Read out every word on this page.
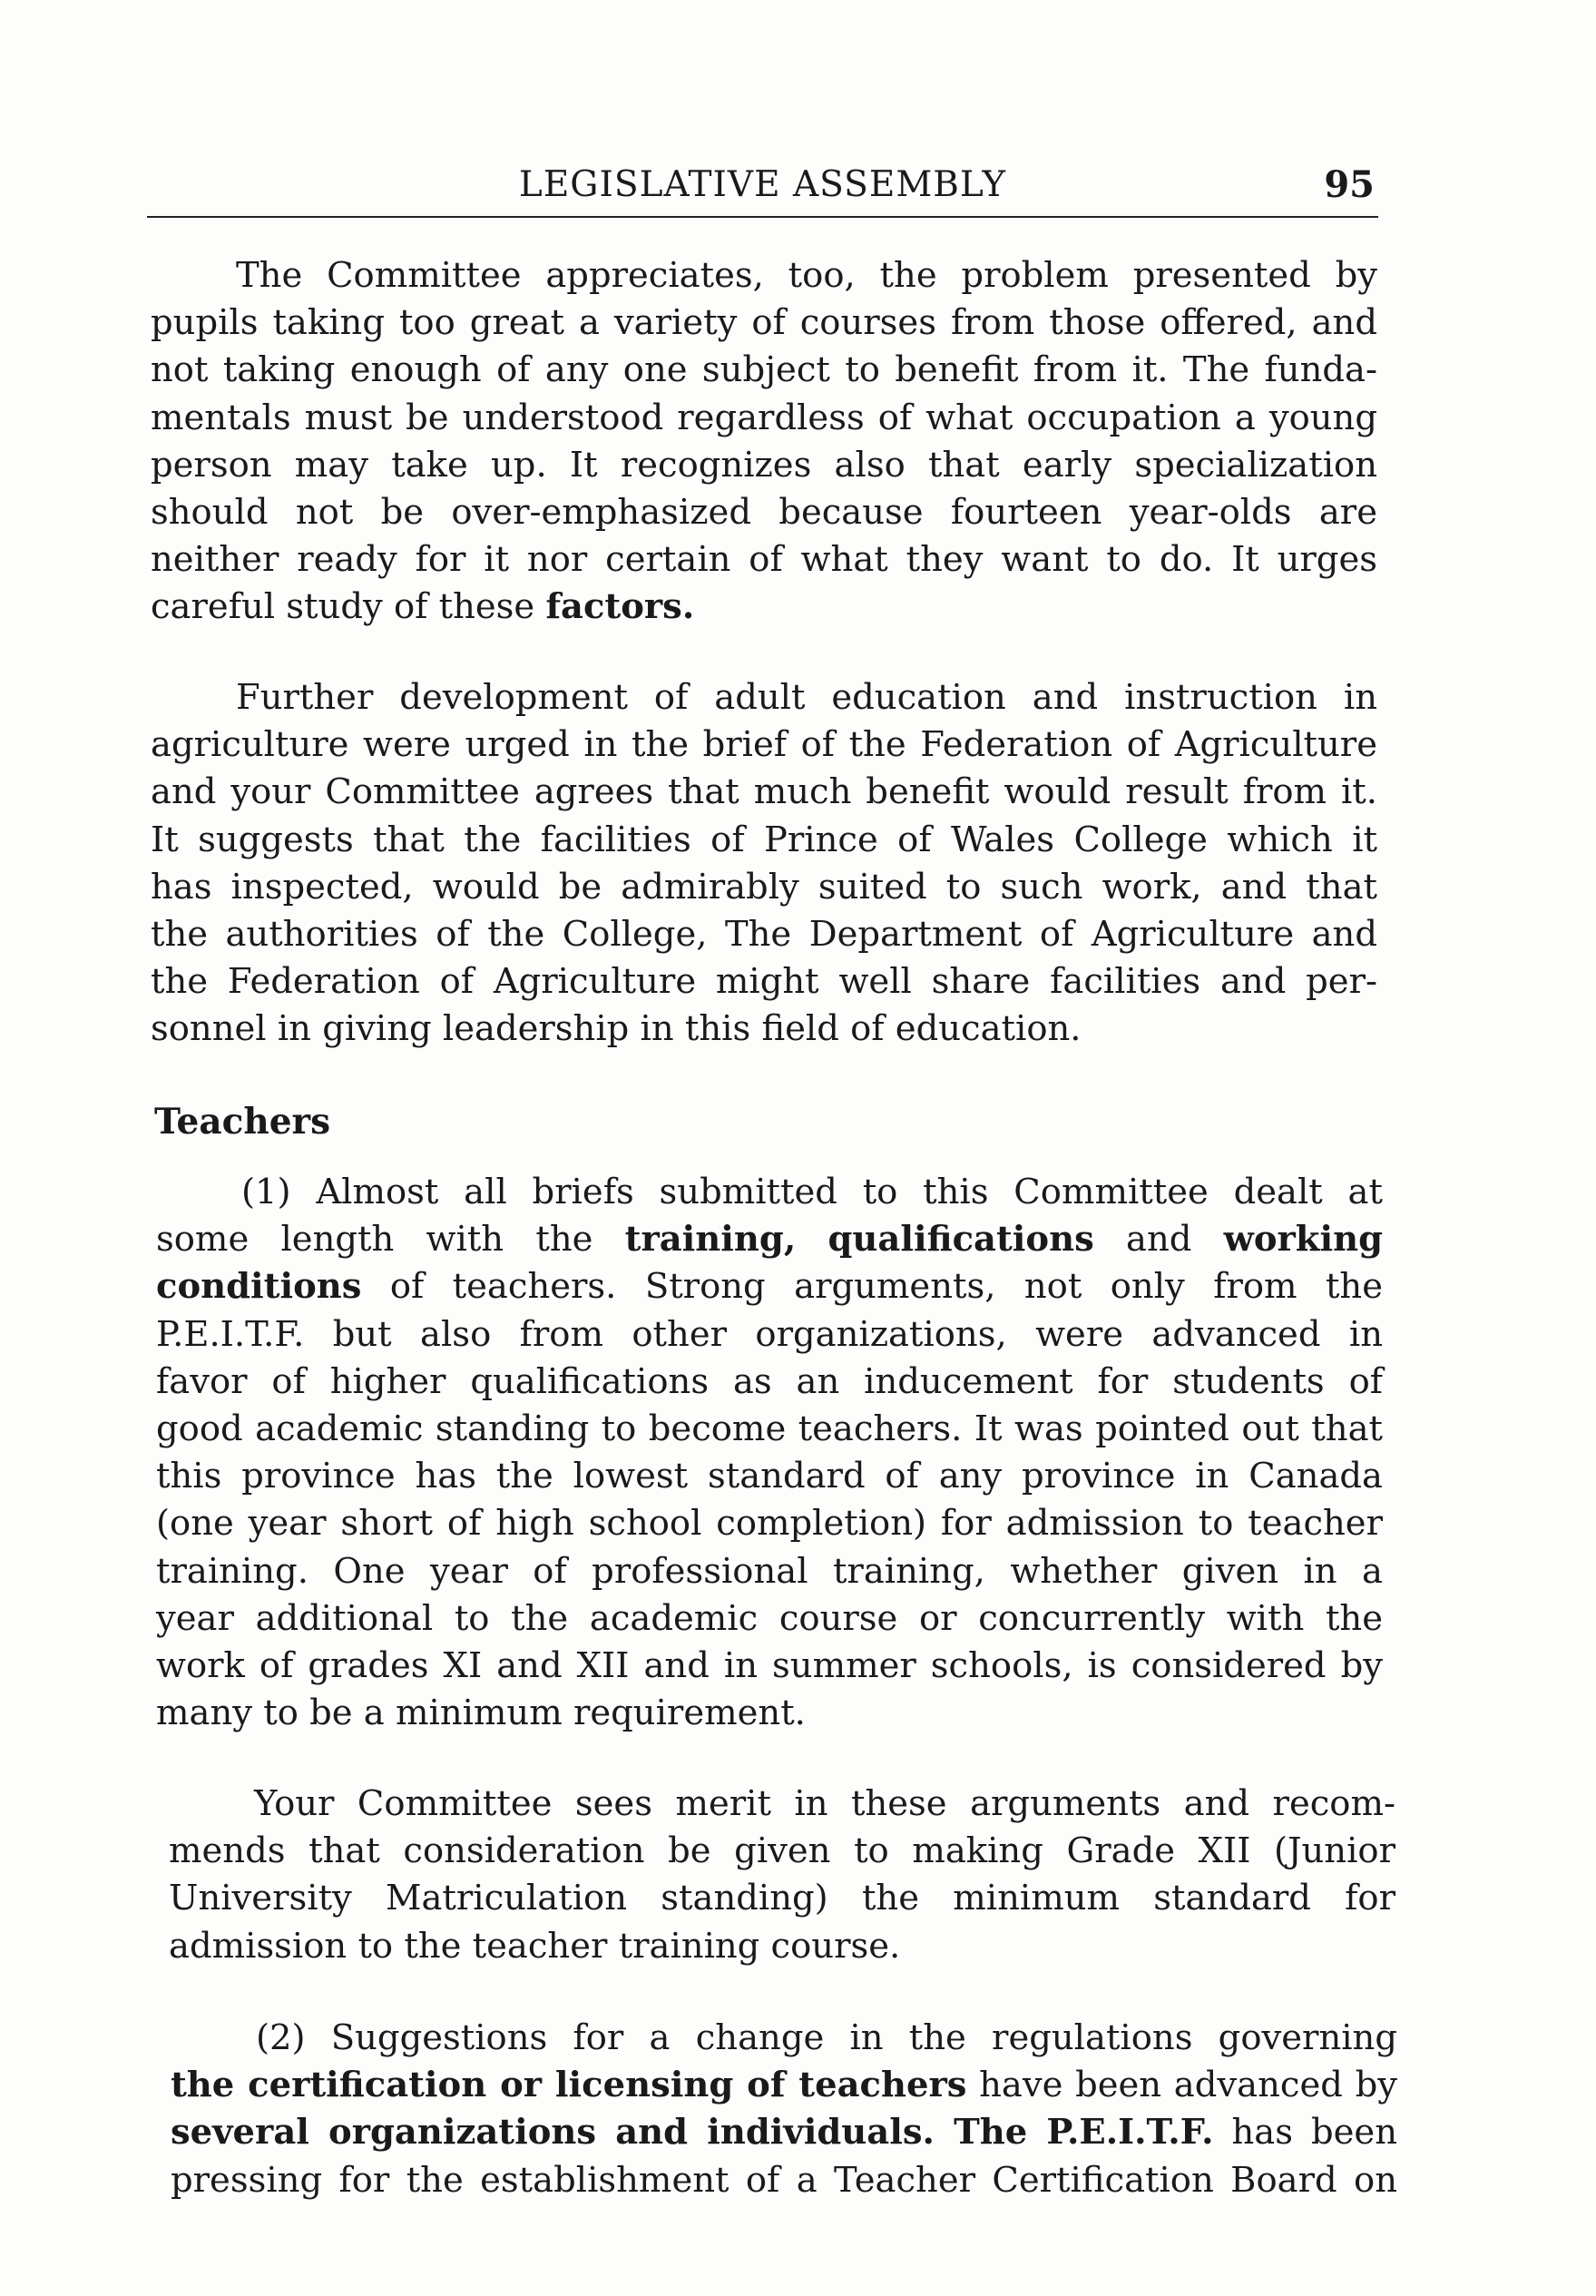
LEGISLATIVE ASSEMBLY	95
The Committee appreciates, too, the problem presented by
pupils taking too great a variety of courses from those offered, and
not taking enough of any one subject to benefit from it. The funda-
mentals must be understood regardless of what occupation a young
person may take up. It recognizes also that early specialization
should not be over-emphasized because fourteen year-olds are
neither ready for it nor certain of what they want to do. It urges
careful study of these factors.
Further development of adult education and instruction in
agriculture were urged in the brief of the Federation of Agriculture
and your Committee agrees that much benefit would result from it.
It suggests that the facilities of Prince of Wales College which it
has inspected, would be admirably suited to such work, and that
the authorities of the College, The Department of Agriculture and
the Federation of Agriculture might well share facilities and per-
sonnel in giving leadership in this field of education.
Teachers
(1) Almost all briefs submitted to this Committee dealt at
some length with the training, qualifications and working
conditions of teachers. Strong arguments, not only from the
P.E.I.T.F. but also from other organizations, were advanced in
favor of higher qualifications as an inducement for students of
good academic standing to become teachers. It was pointed out that
this province has the lowest standard of any province in Canada
(one year short of high school completion) for admission to teacher
training. One year of professional training, whether given in a
year additional to the academic course or concurrently with the
work of grades XI and XII and in summer schools, is considered by
many to be a minimum requirement.
Your Committee sees merit in these arguments and recom-
mends that consideration be given to making Grade XII (Junior
University Matriculation standing) the minimum standard for
admission to the teacher training course.
(2) Suggestions for a change in the regulations governing
the certification or licensing of teachers have been advanced by
several organizations and individuals. The P.E.I.T.F. has been
pressing for the establishment of a Teacher Certification Board on
